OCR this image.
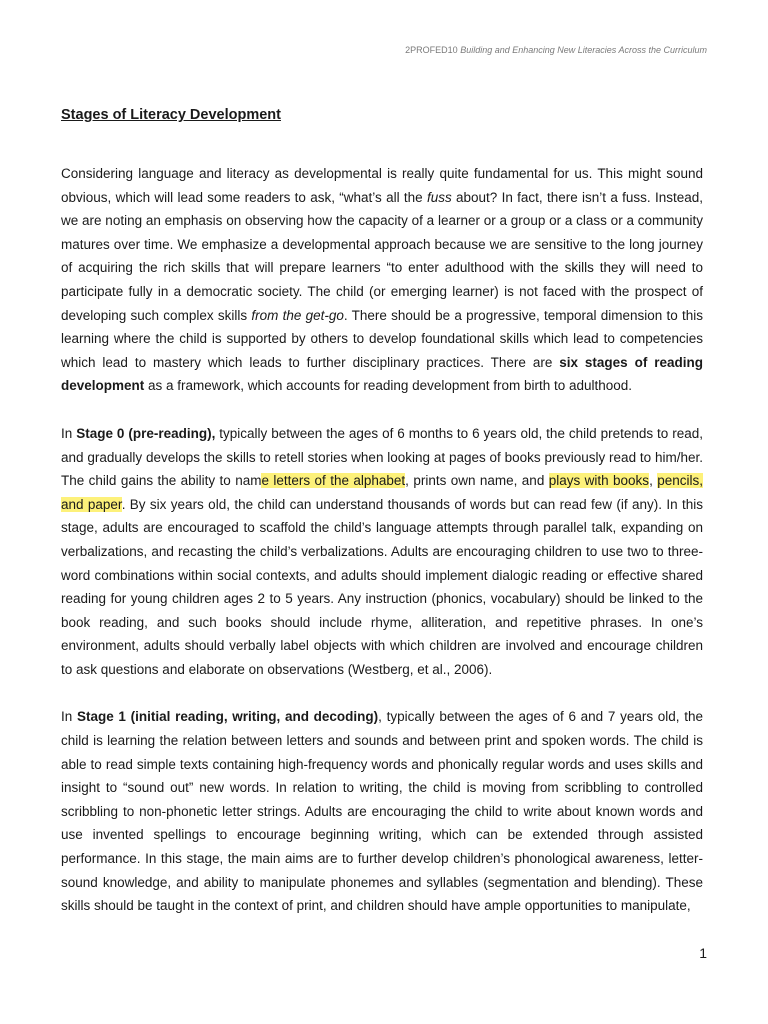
2PROFED10 Building and Enhancing New Literacies Across the Curriculum
Stages of Literacy Development

Considering language and literacy as developmental is really quite fundamental for us. This might sound obvious, which will lead some readers to ask, “what’s all the fuss about? In fact, there isn’t a fuss. Instead, we are noting an emphasis on observing how the capacity of a learner or a group or a class or a community matures over time. We emphasize a developmental approach because we are sensitive to the long journey of acquiring the rich skills that will prepare learners “to enter adulthood with the skills they will need to participate fully in a democratic society. The child (or emerging learner) is not faced with the prospect of developing such complex skills from the get-go. There should be a progressive, temporal dimension to this learning where the child is supported by others to develop foundational skills which lead to competencies which lead to mastery which leads to further disciplinary practices. There are six stages of reading development as a framework, which accounts for reading development from birth to adulthood.

In Stage 0 (pre-reading), typically between the ages of 6 months to 6 years old, the child pretends to read, and gradually develops the skills to retell stories when looking at pages of books previously read to him/her. The child gains the ability to name letters of the alphabet, prints own name, and plays with books, pencils, and paper. By six years old, the child can understand thousands of words but can read few (if any). In this stage, adults are encouraged to scaffold the child’s language attempts through parallel talk, expanding on verbalizations, and recasting the child’s verbalizations. Adults are encouraging children to use two to three-word combinations within social contexts, and adults should implement dialogic reading or effective shared reading for young children ages 2 to 5 years. Any instruction (phonics, vocabulary) should be linked to the book reading, and such books should include rhyme, alliteration, and repetitive phrases. In one’s environment, adults should verbally label objects with which children are involved and encourage children to ask questions and elaborate on observations (Westberg, et al., 2006).

In Stage 1 (initial reading, writing, and decoding), typically between the ages of 6 and 7 years old, the child is learning the relation between letters and sounds and between print and spoken words. The child is able to read simple texts containing high-frequency words and phonically regular words and uses skills and insight to “sound out” new words. In relation to writing, the child is moving from scribbling to controlled scribbling to non-phonetic letter strings. Adults are encouraging the child to write about known words and use invented spellings to encourage beginning writing, which can be extended through assisted performance. In this stage, the main aims are to further develop children’s phonological awareness, letter-sound knowledge, and ability to manipulate phonemes and syllables (segmentation and blending). These skills should be taught in the context of print, and children should have ample opportunities to manipulate,

1
